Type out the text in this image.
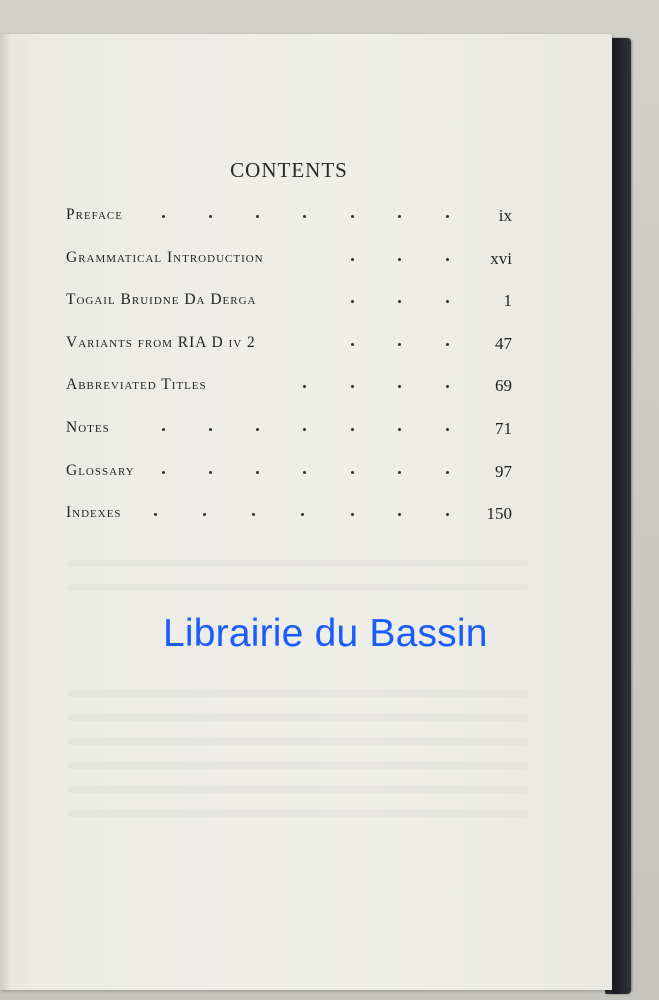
CONTENTS
Preface	ix
Grammatical Introduction	xvi
Togail Bruidne Da Derga	1
Variants from RIA D iv 2	47
Abbreviated Titles	69
Notes	71
Glossary	97
Indexes	150
Librairie du Bassin
